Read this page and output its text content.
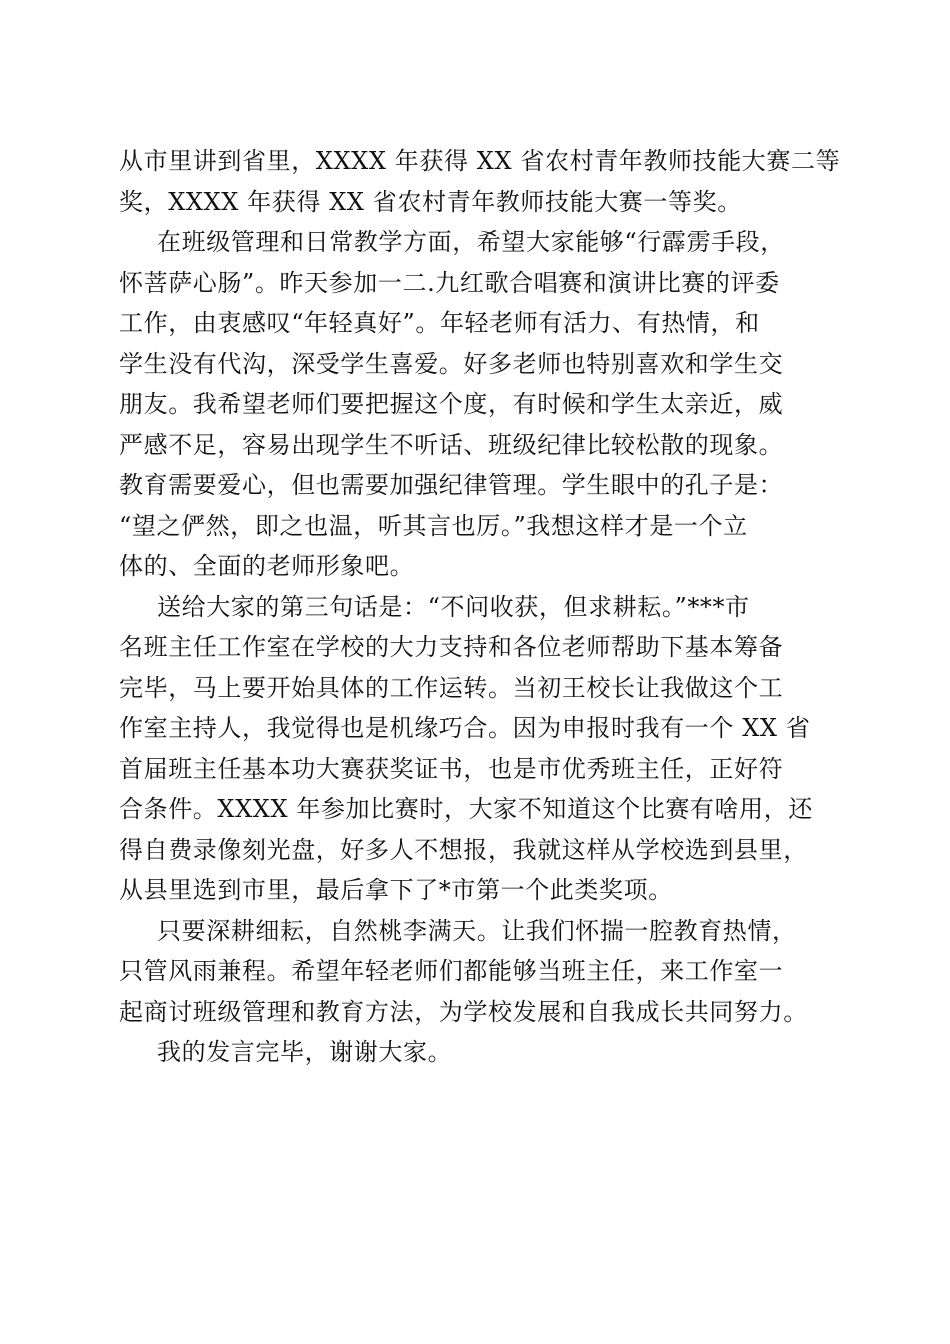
从市里讲到省里，XXXX 年获得 XX 省农村青年教师技能大赛二等
奖，XXXX 年获得 XX 省农村青年教师技能大赛一等奖。

在班级管理和日常教学方面，希望大家能够“行霹雳手段，
怀菩萨心肠”。昨天参加一二.九红歌合唱赛和演讲比赛的评委
工作，由衷感叹“年轻真好”。年轻老师有活力、有热情，和
学生没有代沟，深受学生喜爱。好多老师也特别喜欢和学生交
朋友。我希望老师们要把握这个度，有时候和学生太亲近，威
严感不足，容易出现学生不听话、班级纪律比较松散的现象。
教育需要爱心，但也需要加强纪律管理。学生眼中的孔子是：
“望之俨然，即之也温，听其言也厉。”我想这样才是一个立
体的、全面的老师形象吧。

送给大家的第三句话是：“不问收获，但求耕耘。”***市
名班主任工作室在学校的大力支持和各位老师帮助下基本筹备
完毕，马上要开始具体的工作运转。当初王校长让我做这个工
作室主持人，我觉得也是机缘巧合。因为申报时我有一个 XX 省
首届班主任基本功大赛获奖证书，也是市优秀班主任，正好符
合条件。XXXX 年参加比赛时，大家不知道这个比赛有啥用，还
得自费录像刻光盘，好多人不想报，我就这样从学校选到县里，
从县里选到市里，最后拿下了*市第一个此类奖项。

只要深耕细耘，自然桃李满天。让我们怀揣一腔教育热情，
只管风雨兼程。希望年轻老师们都能够当班主任，来工作室一
起商讨班级管理和教育方法，为学校发展和自我成长共同努力。

我的发言完毕，谢谢大家。
